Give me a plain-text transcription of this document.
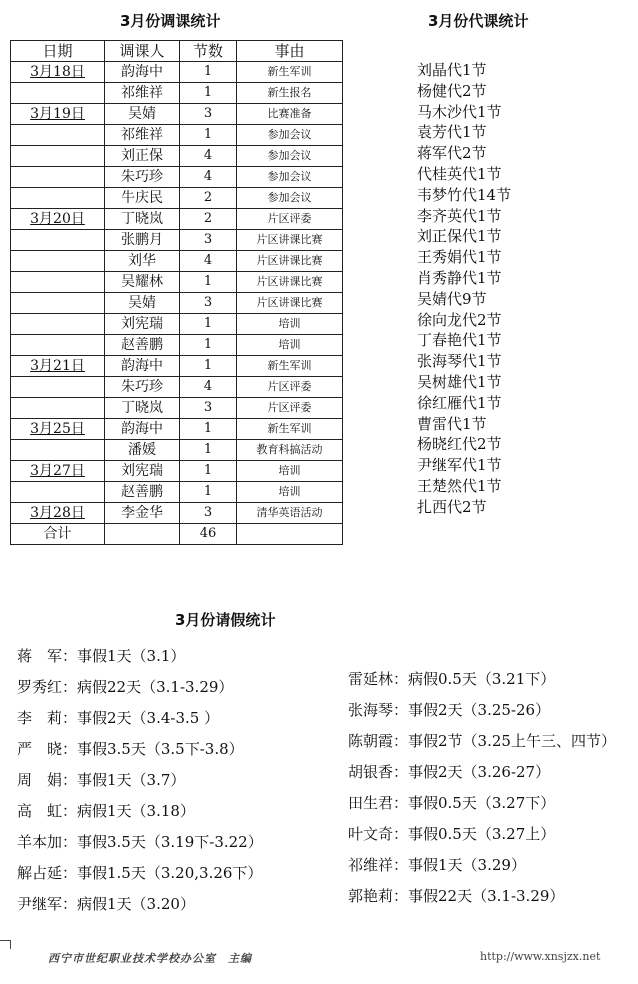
3月份调课统计	3月份代课统计
日期	调课人	节数	事由
3月18日	韵海中	1	新生军训
	祁维祥	1	新生报名
3月19日	吴婧	3	比赛准备
	祁维祥	1	参加会议
	刘正保	4	参加会议
	朱巧珍	4	参加会议
	牛庆民	2	参加会议
3月20日	丁晓岚	2	片区评委
	张鹏月	3	片区讲课比赛
	刘华	4	片区讲课比赛
	吴耀林	1	片区讲课比赛
	吴婧	3	片区讲课比赛
	刘宪瑞	1	培训
	赵善鹏	1	培训
3月21日	韵海中	1	新生军训
	朱巧珍	4	片区评委
	丁晓岚	3	片区评委
3月25日	韵海中	1	新生军训
	潘媛	1	教育科搞活动
3月27日	刘宪瑞	1	培训
	赵善鹏	1	培训
3月28日	李金华	3	清华英语活动
合计		46	
刘晶代1节
杨健代2节
马木沙代1节
袁芳代1节
蒋军代2节
代桂英代1节
韦梦竹代14节
李齐英代1节
刘正保代1节
王秀娟代1节
肖秀静代1节
吴婧代9节
徐向龙代2节
丁春艳代1节
张海琴代1节
吴树雄代1节
徐红雁代1节
曹雷代1节
杨晓红代2节
尹继军代1节
王楚然代1节
扎西代2节
3月份请假统计
蒋　军：事假1天（3.1）
罗秀红：病假22天（3.1-3.29）
李　莉：事假2天（3.4-3.5 ）
严　晓：事假3.5天（3.5下-3.8）
周　娟：事假1天（3.7）
高　虹：病假1天（3.18）
羊本加：事假3.5天（3.19下-3.22）
解占延：事假1.5天（3.20,3.26下）
尹继军：病假1天（3.20）
雷延林：病假0.5天（3.21下）
张海琴：事假2天（3.25-26）
陈朝霞：事假2节（3.25上午三、四节）
胡银香：事假2天（3.26-27）
田生君：事假0.5天（3.27下）
叶文奇：事假0.5天（3.27上）
祁维祥：事假1天（3.29）
郭艳莉：事假22天（3.1-3.29）
西宁市世纪职业技术学校办公室　主编	http://www.xnsjzx.net
